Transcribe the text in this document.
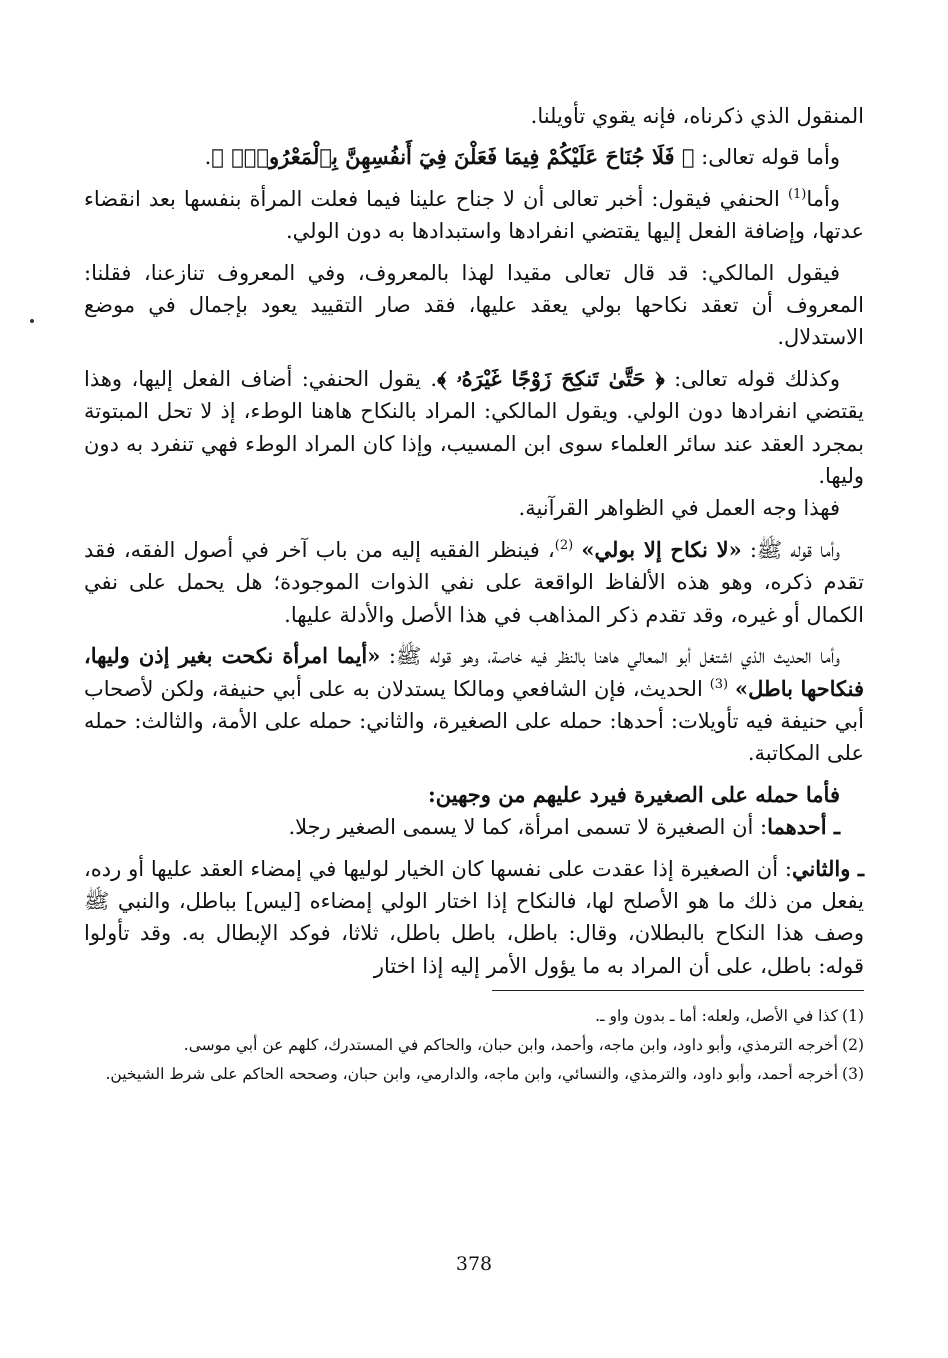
المنقول الذي ذكرناه، فإنه يقوي تأويلنا.

وأما قوله تعالى: ﴿ فَلَا جُنَاحَ عَلَيْكُمْ فِيمَا فَعَلْنَ فِيٓ أَنفُسِهِنَّ بِٱلْمَعْرُوفِۗ ﴾.

وأما$^{(1)}$ الحنفي فيقول: أخبر تعالى أن لا جناح علينا فيما فعلت المرأة بنفسها بعد انقضاء عدتها، وإضافة الفعل إليها يقتضي انفرادها واستبدادها به دون الولي.

فيقول المالكي: قد قال تعالى مقيدا لهذا بالمعروف، وفي المعروف تنازعنا، فقلنا: المعروف أن تعقد نكاحها بولي يعقد عليها، فقد صار التقييد يعود بإجمال في موضع الاستدلال.

وكذلك قوله تعالى: ﴿ حَتَّىٰ تَنكِحَ زَوْجًا غَيْرَهُۥ ﴾. يقول الحنفي: أضاف الفعل إليها، وهذا يقتضي انفرادها دون الولي. ويقول المالكي: المراد بالنكاح هاهنا الوطء، إذ لا تحل المبتوتة بمجرد العقد عند سائر العلماء سوى ابن المسيب، وإذا كان المراد الوطء فهي تنفرد به دون وليها.

فهذا وجه العمل في الظواهر القرآنية.

وأما قوله ﷺ: «لا نكاح إلا بولي» $^{(2)}$، فينظر الفقيه إليه من باب آخر في أصول الفقه، فقد تقدم ذكره، وهو هذه الألفاظ الواقعة على نفي الذوات الموجودة؛ هل يحمل على نفي الكمال أو غيره، وقد تقدم ذكر المذاهب في هذا الأصل والأدلة عليها.

وأما الحديث الذي اشتغل أبو المعالي هاهنا بالنظر فيه خاصة، وهو قوله ﷺ: «أيما امرأة نكحت بغير إذن وليها، فنكاحها باطل» $^{(3)}$ الحديث، فإن الشافعي ومالكا يستدلان به على أبي حنيفة، ولكن لأصحاب أبي حنيفة فيه تأويلات: أحدها: حمله على الصغيرة، والثاني: حمله على الأمة، والثالث: حمله على المكاتبة.

فأما حمله على الصغيرة فيرد عليهم من وجهين:

ـ أحدهما: أن الصغيرة لا تسمى امرأة، كما لا يسمى الصغير رجلا.

ـ والثاني: أن الصغيرة إذا عقدت على نفسها كان الخيار لوليها في إمضاء العقد عليها أو رده، يفعل من ذلك ما هو الأصلح لها، فالنكاح إذا اختار الولي إمضاءه [ليس] بباطل، والنبي ﷺ وصف هذا النكاح بالبطلان، وقال: باطل، باطل باطل، ثلاثا، فوكد الإبطال به. وقد تأولوا قوله: باطل، على أن المراد به ما يؤول الأمر إليه إذا اختار

(1)كذا في الأصل، ولعله: أما ـ بدون واو ـ.

(2)أخرجه الترمذي، وأبو داود، وابن ماجه، وأحمد، وابن حبان، والحاكم في المستدرك، كلهم عن أبي موسى.

(3)أخرجه أحمد، وأبو داود، والترمذي، والنسائي، وابن ماجه، والدارمي، وابن حبان، وصححه الحاكم على شرط الشيخين.

378
